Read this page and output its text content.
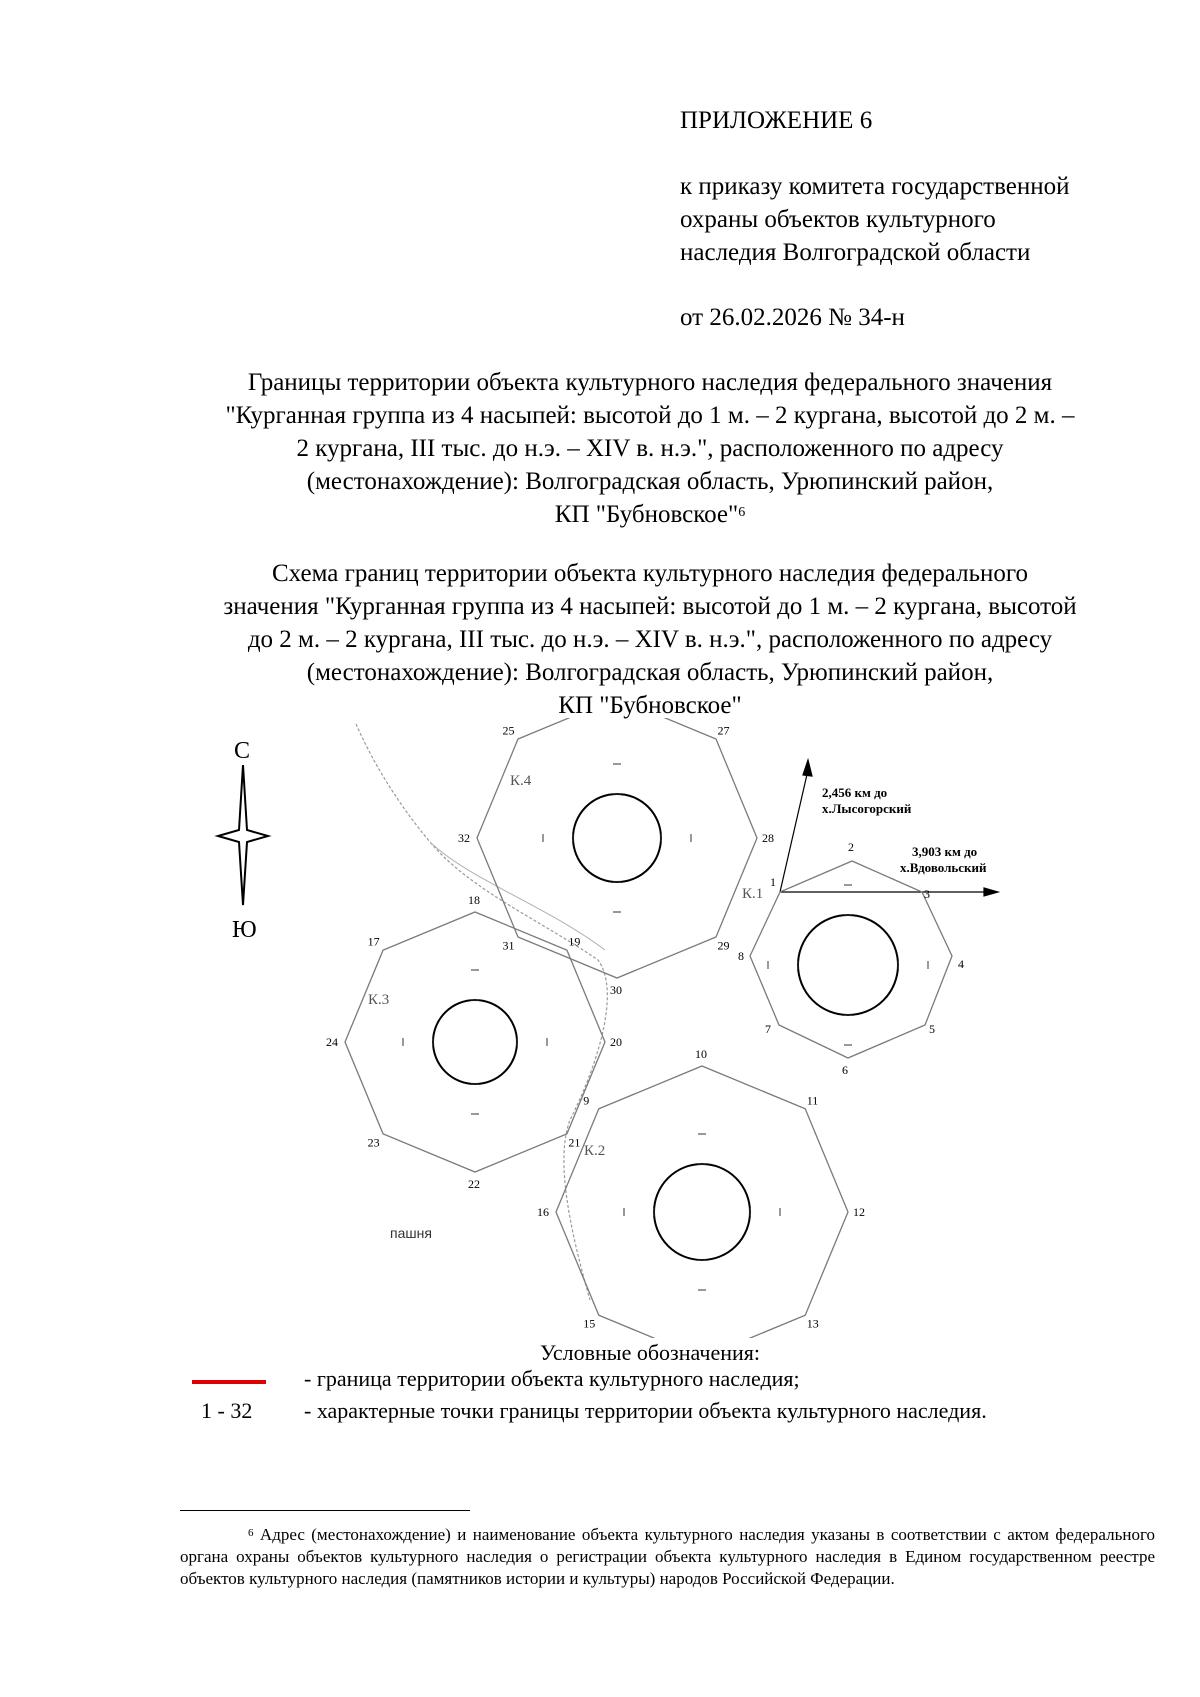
ПРИЛОЖЕНИЕ 6
к приказу комитета государственной
охраны объектов культурного
наследия Волгоградской области
от 26.02.2026 № 34-н
Границы территории объекта культурного наследия федерального значения
"Курганная группа из 4 насыпей: высотой до 1 м. – 2 кургана, высотой до 2 м. –
2 кургана, III тыс. до н.э. – XIV в. н.э.", расположенного по адресу
(местонахождение): Волгоградская область, Урюпинский район,
КП "Бубновское"$^6$
Схема границ территории объекта культурного наследия федерального
значения "Курганная группа из 4 насыпей: высотой до 1 м. – 2 кургана, высотой
до 2 м. – 2 кургана, III тыс. до н.э. – XIV в. н.э.", расположенного по адресу
(местонахождение): Волгоградская область, Урюпинский район,
КП "Бубновское"
С
Ю
2,456 км до
х.Лысогорский
3,903 км до
х.Вдовольский
пашня
1
2
3
4
5
6
7
8
К.1
9
10
11
12
13
15
16
К.2
17
18
19
20
21
22
23
24
К.3
25	27
28
29
30
31
32
К.4
Условные обозначения:
- граница территории объекта культурного наследия;
1 - 32 - характерные точки границы территории объекта культурного наследия.
$^6$ Адрес (местонахождение) и наименование объекта культурного наследия указаны в соответствии с актом федерального органа охраны объектов культурного наследия о регистрации объекта культурного наследия в Едином государственном реестре объектов культурного наследия (памятников истории и культуры) народов Российской Федерации.
